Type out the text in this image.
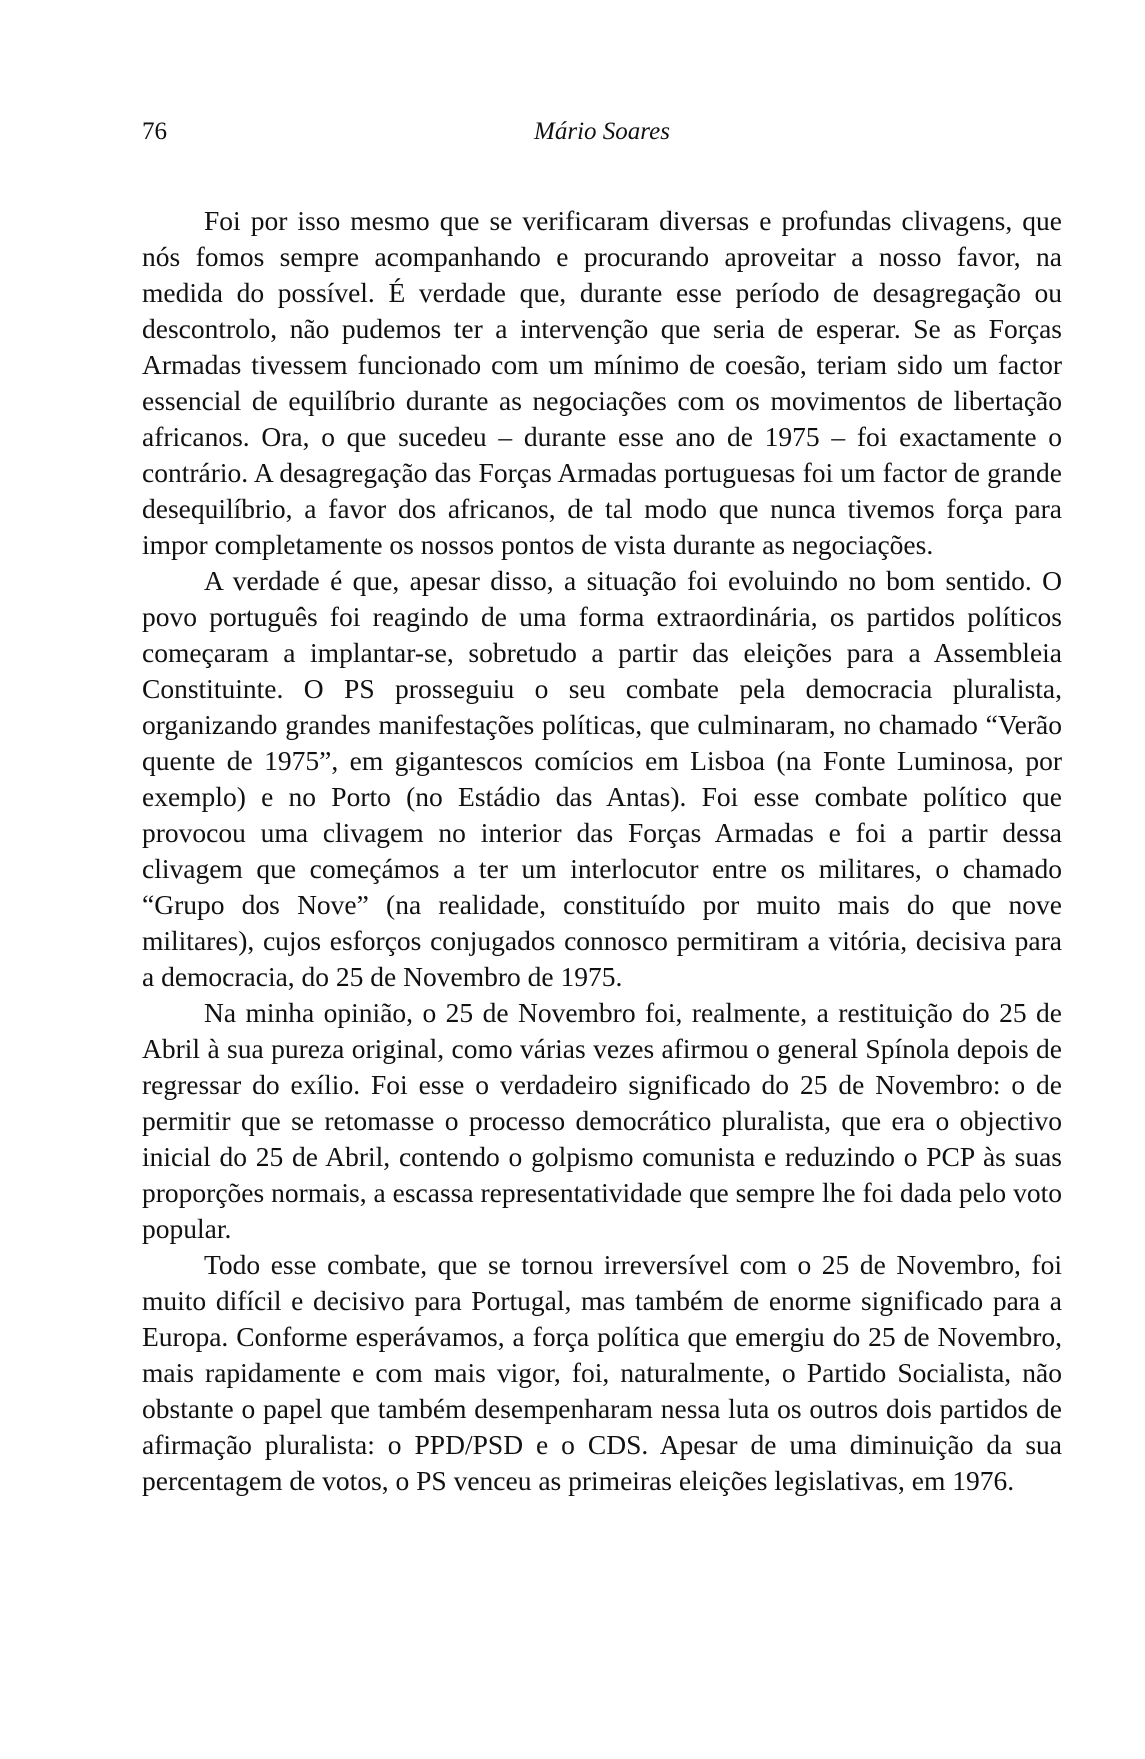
76	Mário Soares

Foi por isso mesmo que se verificaram diversas e profundas clivagens, que nós fomos sempre acompanhando e procurando aproveitar a nosso favor, na medida do possível. É verdade que, durante esse período de desagregação ou descontrolo, não pudemos ter a intervenção que seria de esperar. Se as Forças Armadas tivessem funcionado com um mínimo de coesão, teriam sido um factor essencial de equilíbrio durante as negociações com os movimentos de libertação africanos. Ora, o que sucedeu – durante esse ano de 1975 – foi exactamente o contrário. A desagregação das Forças Armadas portuguesas foi um factor de grande desequilíbrio, a favor dos africanos, de tal modo que nunca tivemos força para impor completamente os nossos pontos de vista durante as negociações.

A verdade é que, apesar disso, a situação foi evoluindo no bom sentido. O povo português foi reagindo de uma forma extraordinária, os partidos políticos começaram a implantar-se, sobretudo a partir das eleições para a Assembleia Constituinte. O PS prosseguiu o seu combate pela democracia pluralista, organizando grandes manifestações políticas, que culminaram, no chamado “Verão quente de 1975”, em gigantescos comícios em Lisboa (na Fonte Luminosa, por exemplo) e no Porto (no Estádio das Antas). Foi esse combate político que provocou uma clivagem no interior das Forças Armadas e foi a partir dessa clivagem que começámos a ter um interlocutor entre os militares, o chamado “Grupo dos Nove” (na realidade, constituído por muito mais do que nove militares), cujos esforços conjugados connosco permitiram a vitória, decisiva para a democracia, do 25 de Novembro de 1975.

Na minha opinião, o 25 de Novembro foi, realmente, a restituição do 25 de Abril à sua pureza original, como várias vezes afirmou o general Spínola depois de regressar do exílio. Foi esse o verdadeiro significado do 25 de Novembro: o de permitir que se retomasse o processo democrático pluralista, que era o objectivo inicial do 25 de Abril, contendo o golpismo comunista e reduzindo o PCP às suas proporções normais, a escassa representatividade que sempre lhe foi dada pelo voto popular.

Todo esse combate, que se tornou irreversível com o 25 de Novembro, foi muito difícil e decisivo para Portugal, mas também de enorme significado para a Europa. Conforme esperávamos, a força política que emergiu do 25 de Novembro, mais rapidamente e com mais vigor, foi, naturalmente, o Partido Socialista, não obstante o papel que também desempenharam nessa luta os outros dois partidos de afirmação pluralista: o PPD/PSD e o CDS. Apesar de uma diminuição da sua percentagem de votos, o PS venceu as primeiras eleições legislativas, em 1976.
